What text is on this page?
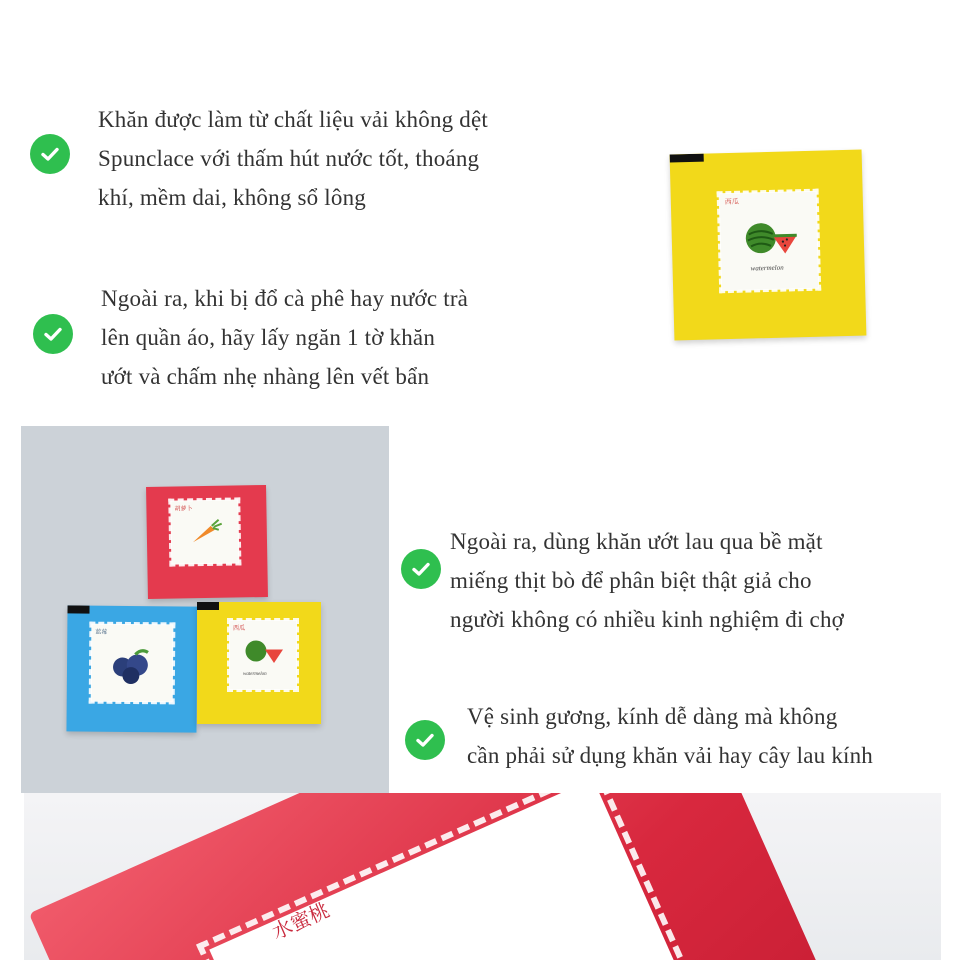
Khăn được làm từ chất liệu vải không dệt
Spunclace với thấm hút nước tốt, thoáng
khí, mềm dai, không sổ lông
Ngoài ra, khi bị đổ cà phê hay nước trà
lên quần áo, hãy lấy ngăn 1 tờ khăn
ướt và chấm nhẹ nhàng lên vết bẩn
西瓜
watermelon
胡萝卜
蓝莓
西瓜
watermelon
Ngoài ra, dùng khăn ướt lau qua bề mặt
miếng thịt bò để phân biệt thật giả cho
người không có nhiều kinh nghiệm đi chợ
Vệ sinh gương, kính dễ dàng mà không
cần phải sử dụng khăn vải hay cây lau kính
水蜜桃
